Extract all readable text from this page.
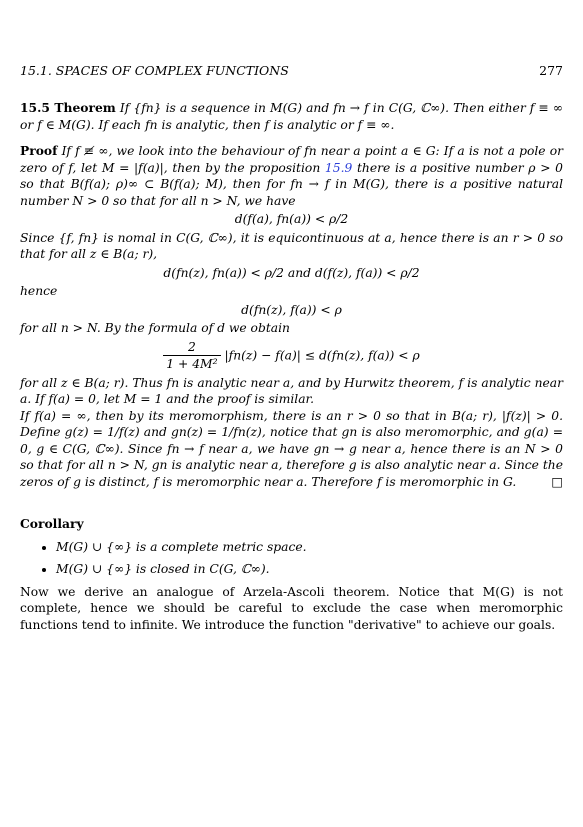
15.1. SPACES OF COMPLEX FUNCTIONS	277

15.5 Theorem If {fn} is a sequence in M(G) and fn → f in C(G, ℂ∞). Then either f ≡ ∞ or f ∈ M(G). If each fn is analytic, then f is analytic or f ≡ ∞.

Proof If f ≢ ∞, we look into the behaviour of fn near a point a ∈ G: If a is not a pole or zero of f, let M = |f(a)|, then by the proposition 15.9 there is a positive number ρ > 0 so that B(f(a); ρ)∞ ⊂ B(f(a); M), then for fn → f in M(G), there is a positive natural number N > 0 so that for all n > N, we have

d(f(a), fn(a)) < ρ/2

Since {f, fn} is nomal in C(G, ℂ∞), it is equicontinuous at a, hence there is an r > 0 so that for all z ∈ B(a; r),

d(fn(z), fn(a)) < ρ/2 and d(f(z), f(a)) < ρ/2

hence

d(fn(z), f(a)) < ρ

for all n > N. By the formula of d we obtain

$\frac{2}{\text{1 + 4M²}} |fn(z) - f(a)| \le d(fn(z)$, f(a)) < ρ

for all z ∈ B(a; r). Thus fn is analytic near a, and by Hurwitz theorem, f is analytic near a. If f(a) = 0, let M = 1 and the proof is similar.

If f(a) = ∞, then by its meromorphism, there is an r > 0 so that in B(a; r), |f(z)| > 0. Define g(z) = 1/f(z) and gn(z) = 1/fn(z), notice that gn is also meromorphic, and g(a) = 0, g ∈ C(G, ℂ∞). Since fn → f near a, we have gn → g near a, hence there is an N > 0 so that for all n > N, gn is analytic near a, therefore g is also analytic near a. Since the zeros of g is distinct, f is meromorphic near a. Therefore f is meromorphic in G.	□

Corollary
• M(G) ∪ {∞} is a complete metric space.
• M(G) ∪ {∞} is closed in C(G, ℂ∞).

Now we derive an analogue of Arzela-Ascoli theorem. Notice that M(G) is not complete, hence we should be careful to exclude the case when meromorphic functions tend to infinite. We introduce the function "derivative" to achieve our goals.
